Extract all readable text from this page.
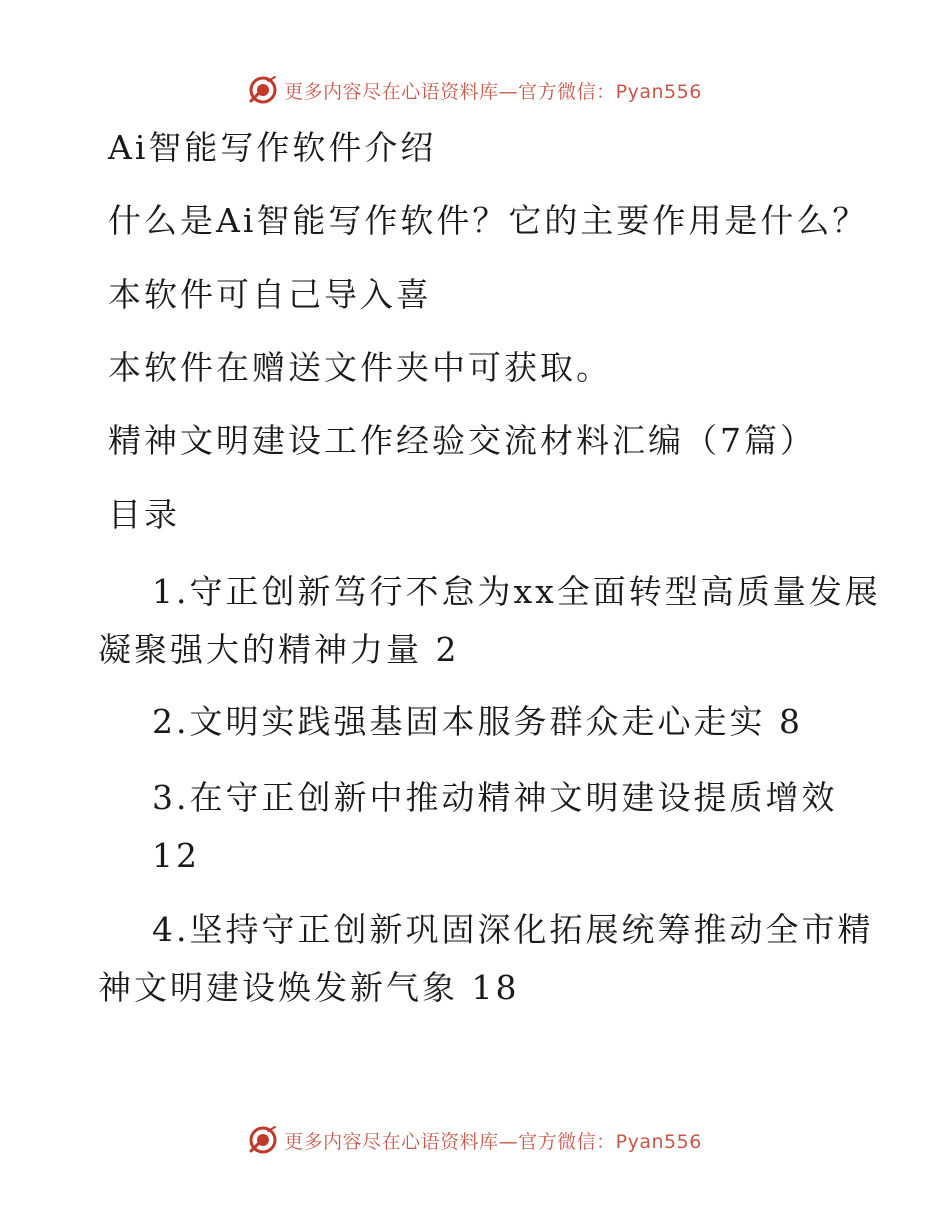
更多内容尽在心语资料库—官方微信：Pyan556
Ai智能写作软件介绍
什么是Ai智能写作软件？它的主要作用是什么？
本软件可自己导入喜
本软件在赠送文件夹中可获取。
精神文明建设工作经验交流材料汇编（7篇）
目录
1.守正创新笃行不怠为xx全面转型高质量发展
凝聚强大的精神力量 2
2.文明实践强基固本服务群众走心走实 8
3.在守正创新中推动精神文明建设提质增效
12
4.坚持守正创新巩固深化拓展统筹推动全市精
神文明建设焕发新气象 18
更多内容尽在心语资料库—官方微信：Pyan556
